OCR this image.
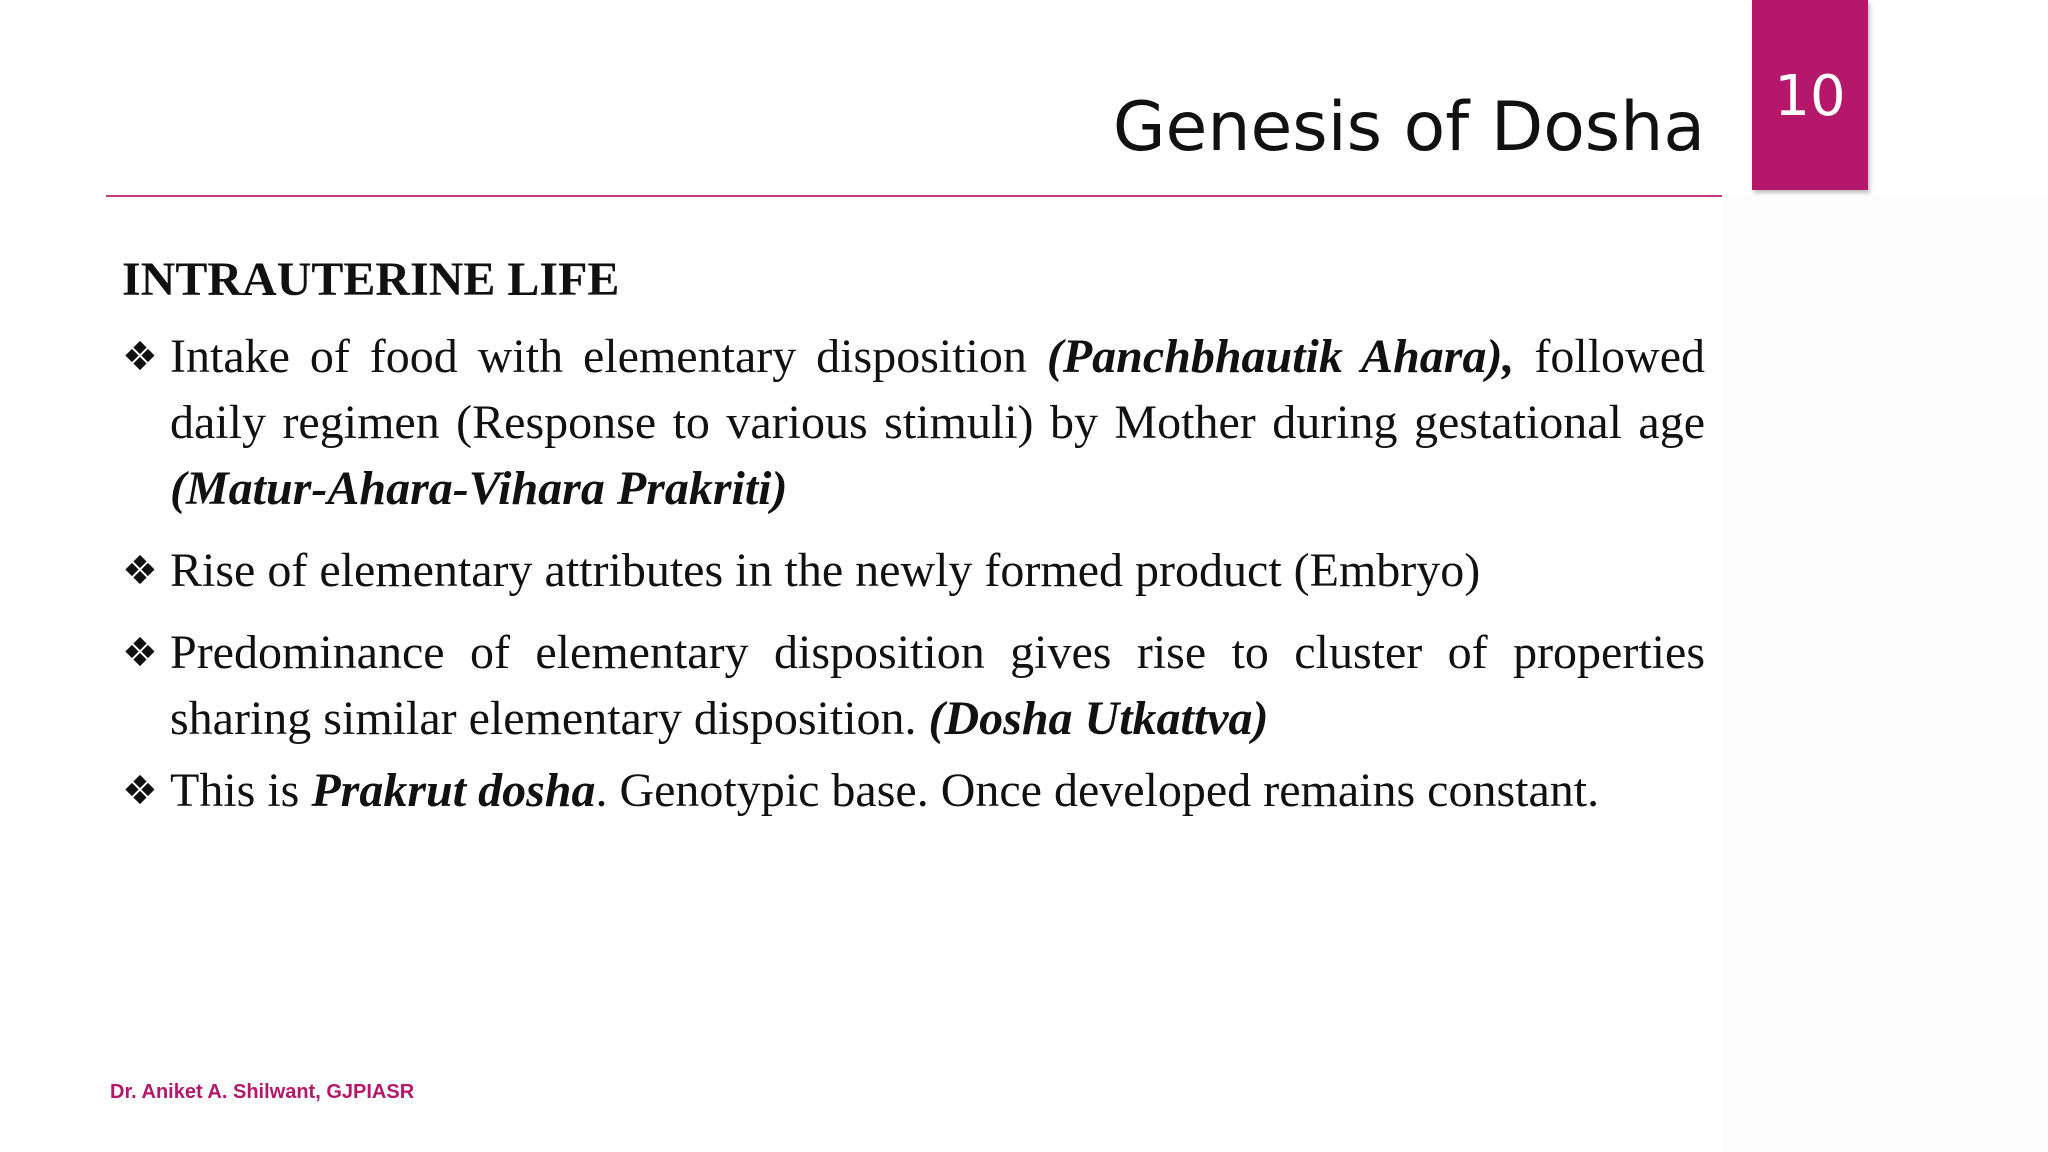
10
Genesis of Dosha
INTRAUTERINE LIFE
❖ Intake of food with elementary disposition (Panchbhautik Ahara), followed daily regimen (Response to various stimuli) by Mother during gestational age (Matur-Ahara-Vihara Prakriti)
❖ Rise of elementary attributes in the newly formed product (Embryo)
❖ Predominance of elementary disposition gives rise to cluster of properties sharing similar elementary disposition. (Dosha Utkattva)
❖ This is Prakrut dosha. Genotypic base. Once developed remains constant.
Dr. Aniket A. Shilwant, GJPIASR
